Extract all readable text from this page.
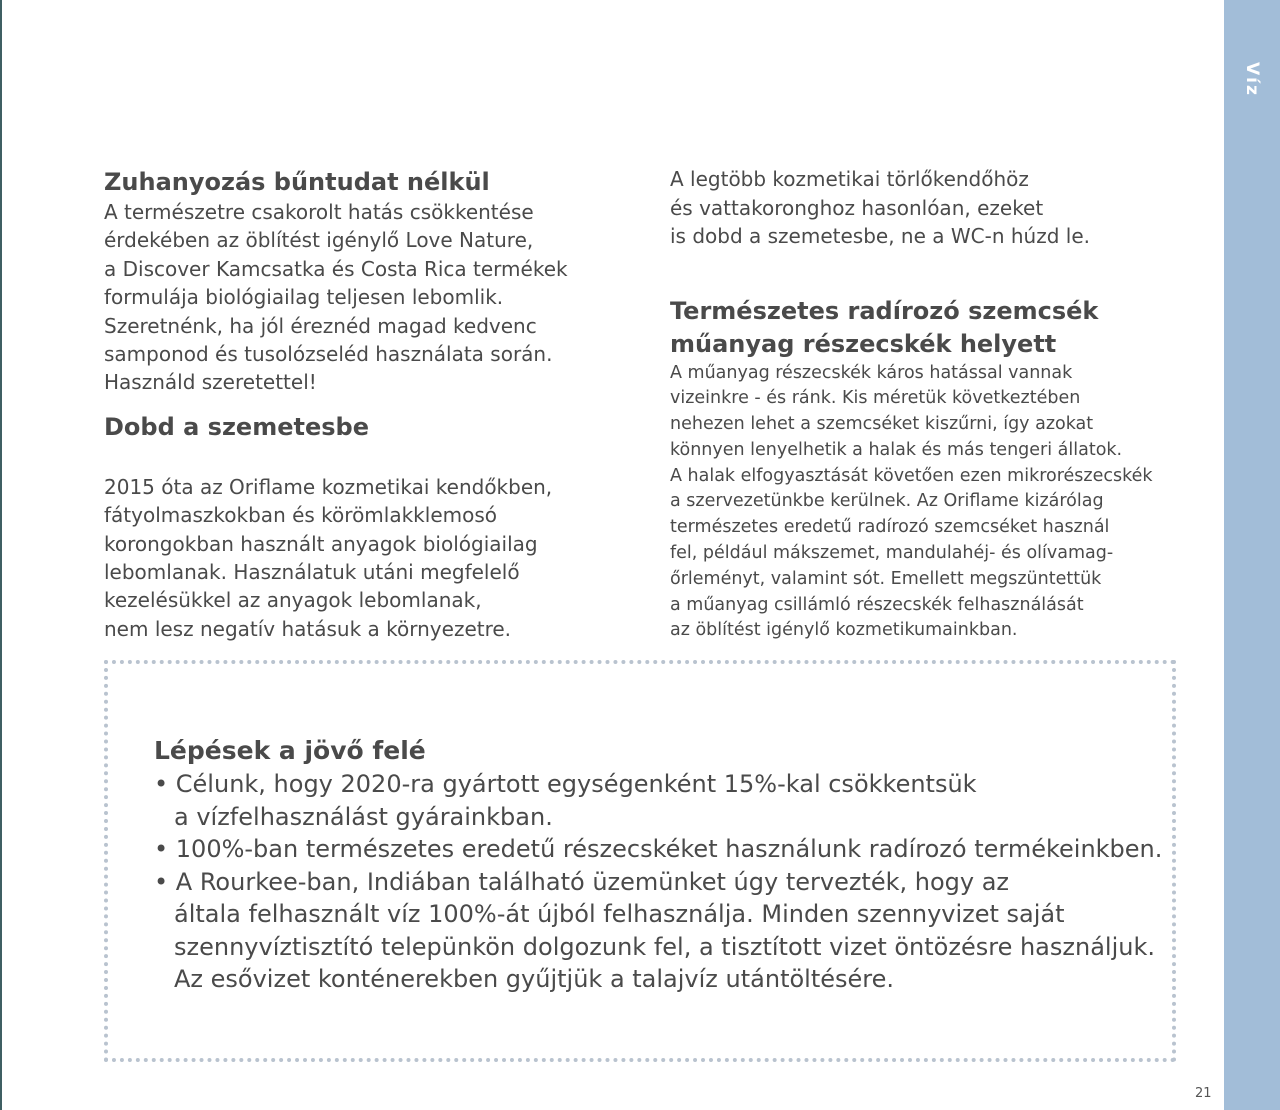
Víz
Zuhanyozás bűntudat nélkül

A természetre csakorolt hatás csökkentése
érdekében az öblítést igénylő Love Nature,
a Discover Kamcsatka és Costa Rica termékek
formulája biológiailag teljesen lebomlik.
Szeretnénk, ha jól éreznéd magad kedvenc
samponod és tusolózseléd használata során.
Használd szeretettel!

Dobd a szemetesbe

2015 óta az Oriflame kozmetikai kendőkben,
fátyolmaszkokban és körömlakklemosó
korongokban használt anyagok biológiailag
lebomlanak. Használatuk utáni megfelelő
kezelésükkel az anyagok lebomlanak,
nem lesz negatív hatásuk a környezetre.

A legtöbb kozmetikai törlőkendőhöz
és vattakoronghoz hasonlóan, ezeket
is dobd a szemetesbe, ne a WC-n húzd le.

Természetes radírozó szemcsék
műanyag részecskék helyett

A műanyag részecskék káros hatással vannak
vizeinkre - és ránk. Kis méretük következtében
nehezen lehet a szemcséket kiszűrni, így azokat
könnyen lenyelhetik a halak és más tengeri állatok.
A halak elfogyasztását követően ezen mikrorészecskék
a szervezetünkbe kerülnek. Az Oriflame kizárólag
természetes eredetű radírozó szemcséket használ
fel, például mákszemet, mandulahéj- és olívamag-
őrleményt, valamint sót. Emellett megszüntettük
a műanyag csillámló részecskék felhasználását
az öblítést igénylő kozmetikumainkban.

Lépések a jövő felé
• Célunk, hogy 2020-ra gyártott egységenként 15%-kal csökkentsük
a vízfelhasználást gyárainkban.
• 100%-ban természetes eredetű részecskéket használunk radírozó termékeinkben.
• A Rourkee-ban, Indiában található üzemünket úgy tervezték, hogy az
általa felhasznált víz 100%-át újból felhasználja. Minden szennyvizet saját
szennyvíztisztító telepünkön dolgozunk fel, a tisztított vizet öntözésre használjuk.
Az esővizet konténerekben gyűjtjük a talajvíz utántöltésére.
21
